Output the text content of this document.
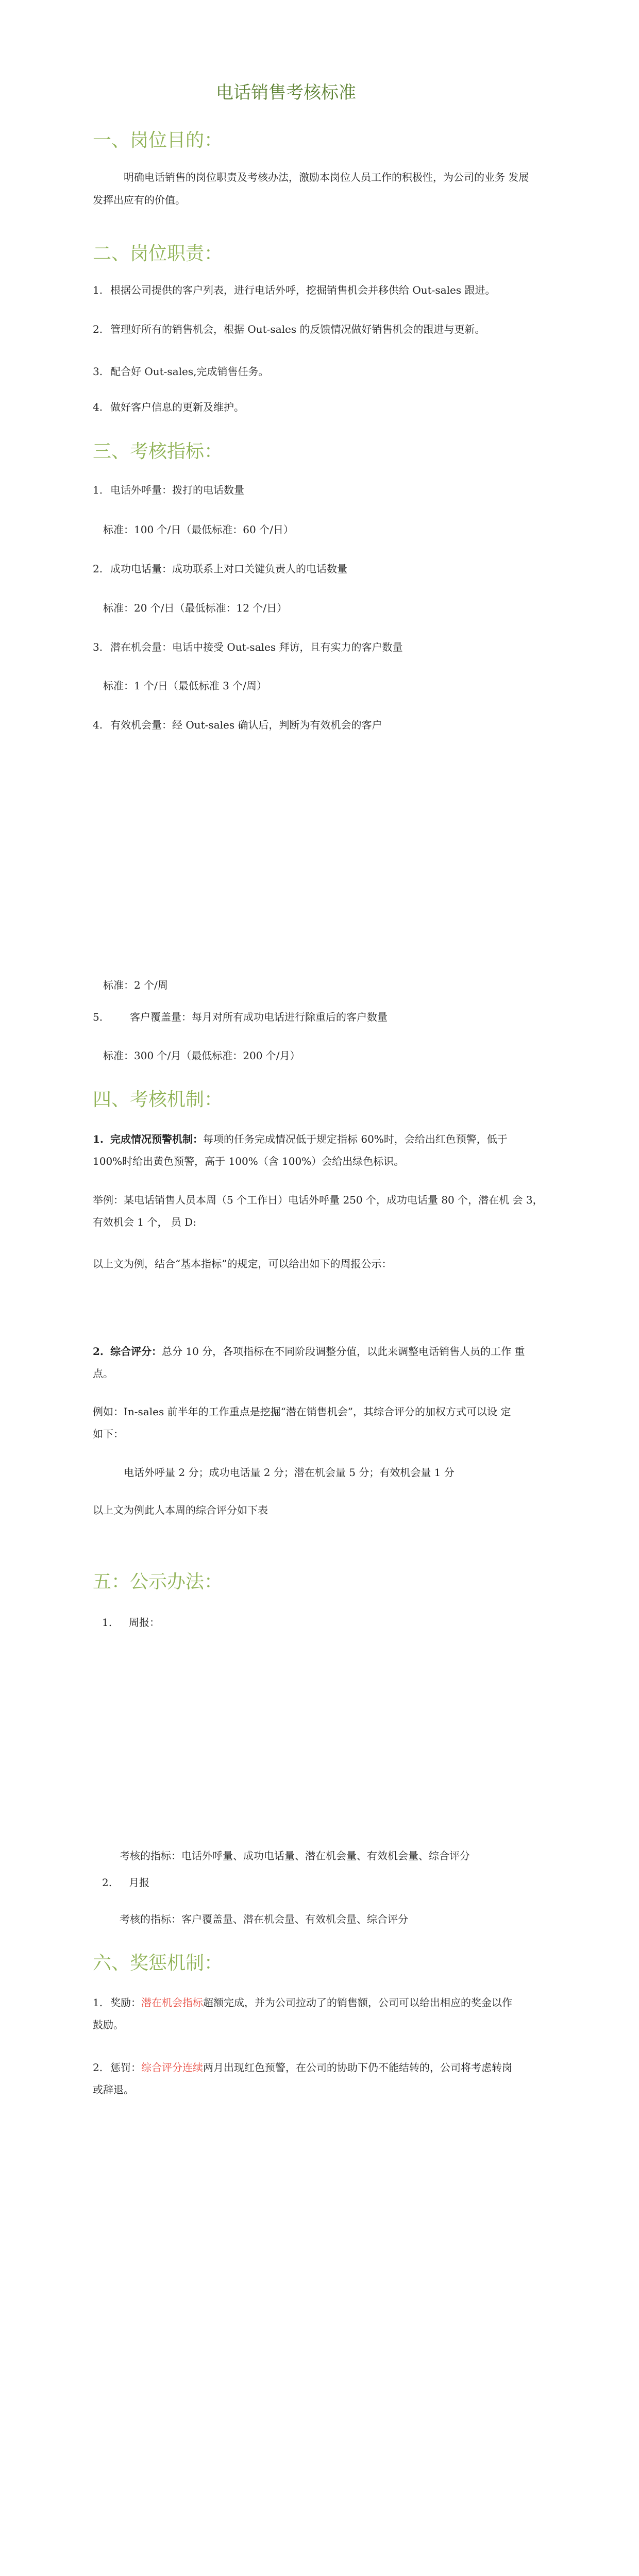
电话销售考核标准
一、岗位目的：
明确电话销售的岗位职责及考核办法，激励本岗位人员工作的积极性，为公司的业务 发展发挥出应有的价值。
二、岗位职责：
1. 根据公司提供的客户列表，进行电话外呼，挖掘销售机会并移供给 Out-sales 跟进。
2. 管理好所有的销售机会，根据 Out-sales 的反馈情况做好销售机会的跟进与更新。
3. 配合好 Out-sales,完成销售任务。
4. 做好客户信息的更新及维护。
三、考核指标：
1. 电话外呼量：拨打的电话数量
标准：100 个/日（最低标准：60 个/日）
2. 成功电话量：成功联系上对口关键负责人的电话数量
标准：20 个/日（最低标准：12 个/日）
3. 潜在机会量：电话中接受 Out-sales 拜访，且有实力的客户数量
标准：1 个/日（最低标准 3 个/周）
4. 有效机会量：经 Out-sales 确认后，判断为有效机会的客户
标准：2 个/周
5.	客户覆盖量：每月对所有成功电话进行除重后的客户数量
标准：300 个/月（最低标准：200 个/月）
四、考核机制：
1. 完成情况预警机制：每项的任务完成情况低于规定指标 60%时，会给出红色预警，低于
100%时给出黄色预警，高于 100%（含 100%）会给出绿色标识。
举例：某电话销售人员本周（5 个工作日）电话外呼量 250 个，成功电话量 80 个，潜在机 会 3，
有效机会 1 个， 员 D:
以上文为例，结合“基本指标”的规定，可以给出如下的周报公示：
2. 综合评分：总分 10 分，各项指标在不同阶段调整分值，以此来调整电话销售人员的工作 重
点。
例如：In-sales 前半年的工作重点是挖掘“潜在销售机会”，其综合评分的加权方式可以设 定
如下：
电话外呼量 2 分；成功电话量 2 分；潜在机会量 5 分；有效机会量 1 分
以上文为例此人本周的综合评分如下表
五：公示办法：
1. 周报：
考核的指标：电话外呼量、成功电话量、潜在机会量、有效机会量、综合评分
2. 月报
考核的指标：客户覆盖量、潜在机会量、有效机会量、综合评分
六、奖惩机制：
1. 奖励：潜在机会指标超额完成，并为公司拉动了的销售额，公司可以给出相应的奖金以作
鼓励。
2. 惩罚：综合评分连续两月出现红色预警，在公司的协助下仍不能结转的，公司将考虑转岗
或辞退。
